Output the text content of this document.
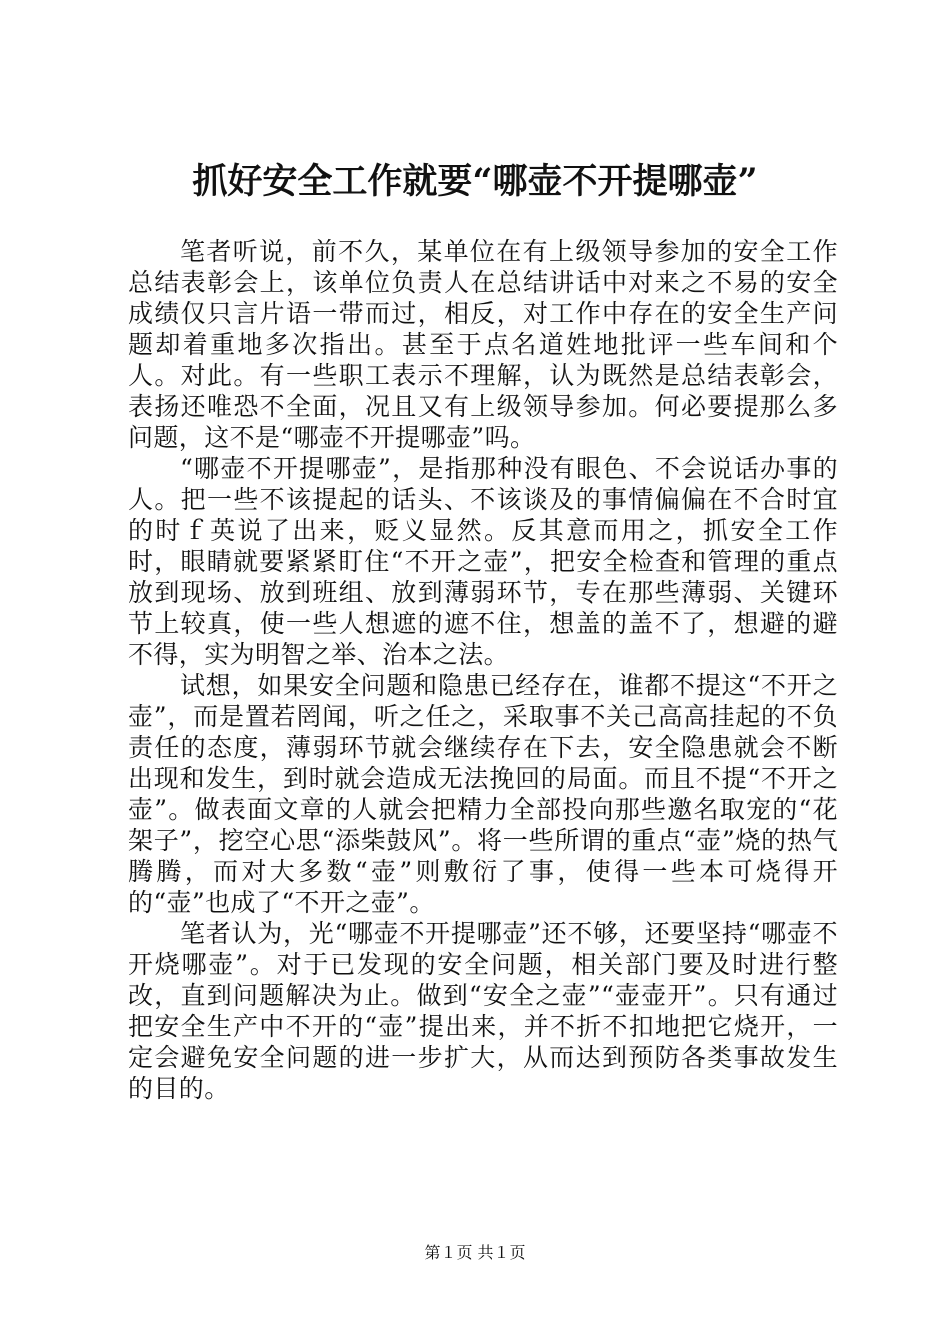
抓好安全工作就要“哪壶不开提哪壶”

笔者听说，前不久，某单位在有上级领导参加的安全工作总结表彰会上，该单位负责人在总结讲话中对来之不易的安全成绩仅只言片语一带而过，相反，对工作中存在的安全生产问题却着重地多次指出。甚至于点名道姓地批评一些车间和个人。对此。有一些职工表示不理解，认为既然是总结表彰会，表扬还唯恐不全面，况且又有上级领导参加。何必要提那么多问题，这不是“哪壶不开提哪壶”吗。

“哪壶不开提哪壶”，是指那种没有眼色、不会说话办事的人。把一些不该提起的话头、不该谈及的事情偏偏在不合时宜的时ｆ英说了出来，贬义显然。反其意而用之，抓安全工作时，眼睛就要紧紧盯住“不开之壶”，把安全检查和管理的重点放到现场、放到班组、放到薄弱环节，专在那些薄弱、关键环节上较真，使一些人想遮的遮不住，想盖的盖不了，想避的避不得，实为明智之举、治本之法。

试想，如果安全问题和隐患已经存在，谁都不提这“不开之壶”，而是置若罔闻，听之任之，采取事不关己高高挂起的不负责任的态度，薄弱环节就会继续存在下去，安全隐患就会不断出现和发生，到时就会造成无法挽回的局面。而且不提“不开之壶”。做表面文章的人就会把精力全部投向那些邀名取宠的“花架子”，挖空心思“添柴鼓风”。将一些所谓的重点“壶”烧的热气腾腾，而对大多数“壶”则敷衍了事，使得一些本可烧得开的“壶”也成了“不开之壶”。

笔者认为，光“哪壶不开提哪壶”还不够，还要坚持“哪壶不开烧哪壶”。对于已发现的安全问题，相关部门要及时进行整改，直到问题解决为止。做到“安全之壶”“壶壶开”。只有通过把安全生产中不开的“壶”提出来，并不折不扣地把它烧开，一定会避免安全问题的进一步扩大，从而达到预防各类事故发生的目的。

第１页 共１页
